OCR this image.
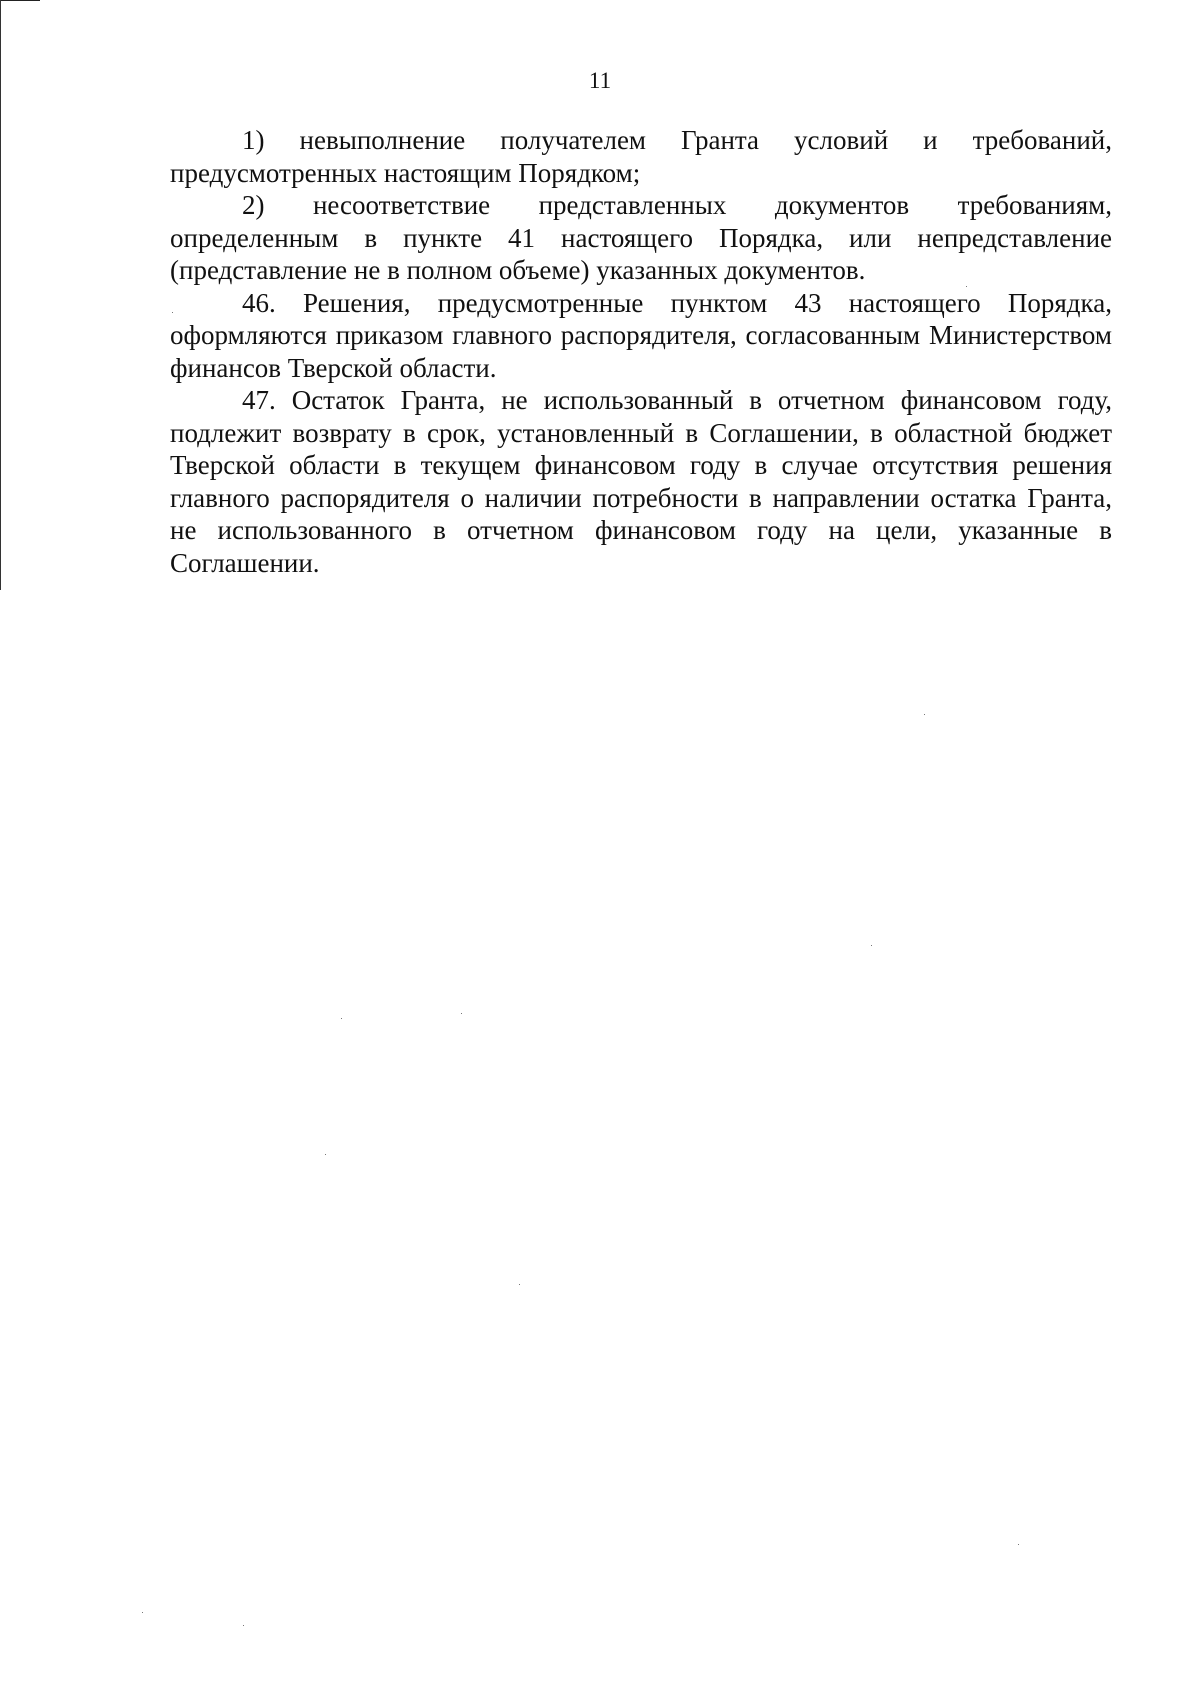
11

1) невыполнение получателем Гранта условий и требований, предусмотренных настоящим Порядком;

2) несоответствие представленных документов требованиям, определенным в пункте 41 настоящего Порядка, или непредставление (представление не в полном объеме) указанных документов.

46. Решения, предусмотренные пунктом 43 настоящего Порядка, оформляются приказом главного распорядителя, согласованным Министерством финансов Тверской области.

47. Остаток Гранта, не использованный в отчетном финансовом году, подлежит возврату в срок, установленный в Соглашении, в областной бюджет Тверской области в текущем финансовом году в случае отсутствия решения главного распорядителя о наличии потребности в направлении остатка Гранта, не использованного в отчетном финансовом году на цели, указанные в Соглашении.
